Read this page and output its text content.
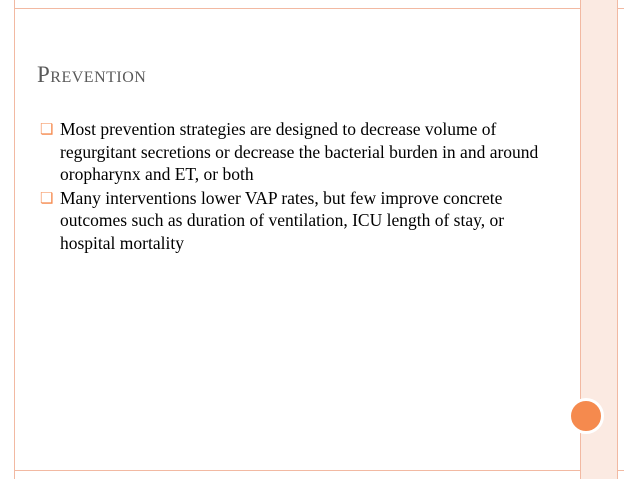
Prevention
❏ Most prevention strategies are designed to decrease volume of regurgitant secretions or decrease the bacterial burden in and around oropharynx and ET, or both
❏ Many interventions lower VAP rates, but few improve concrete outcomes such as duration of ventilation, ICU length of stay, or hospital mortality
